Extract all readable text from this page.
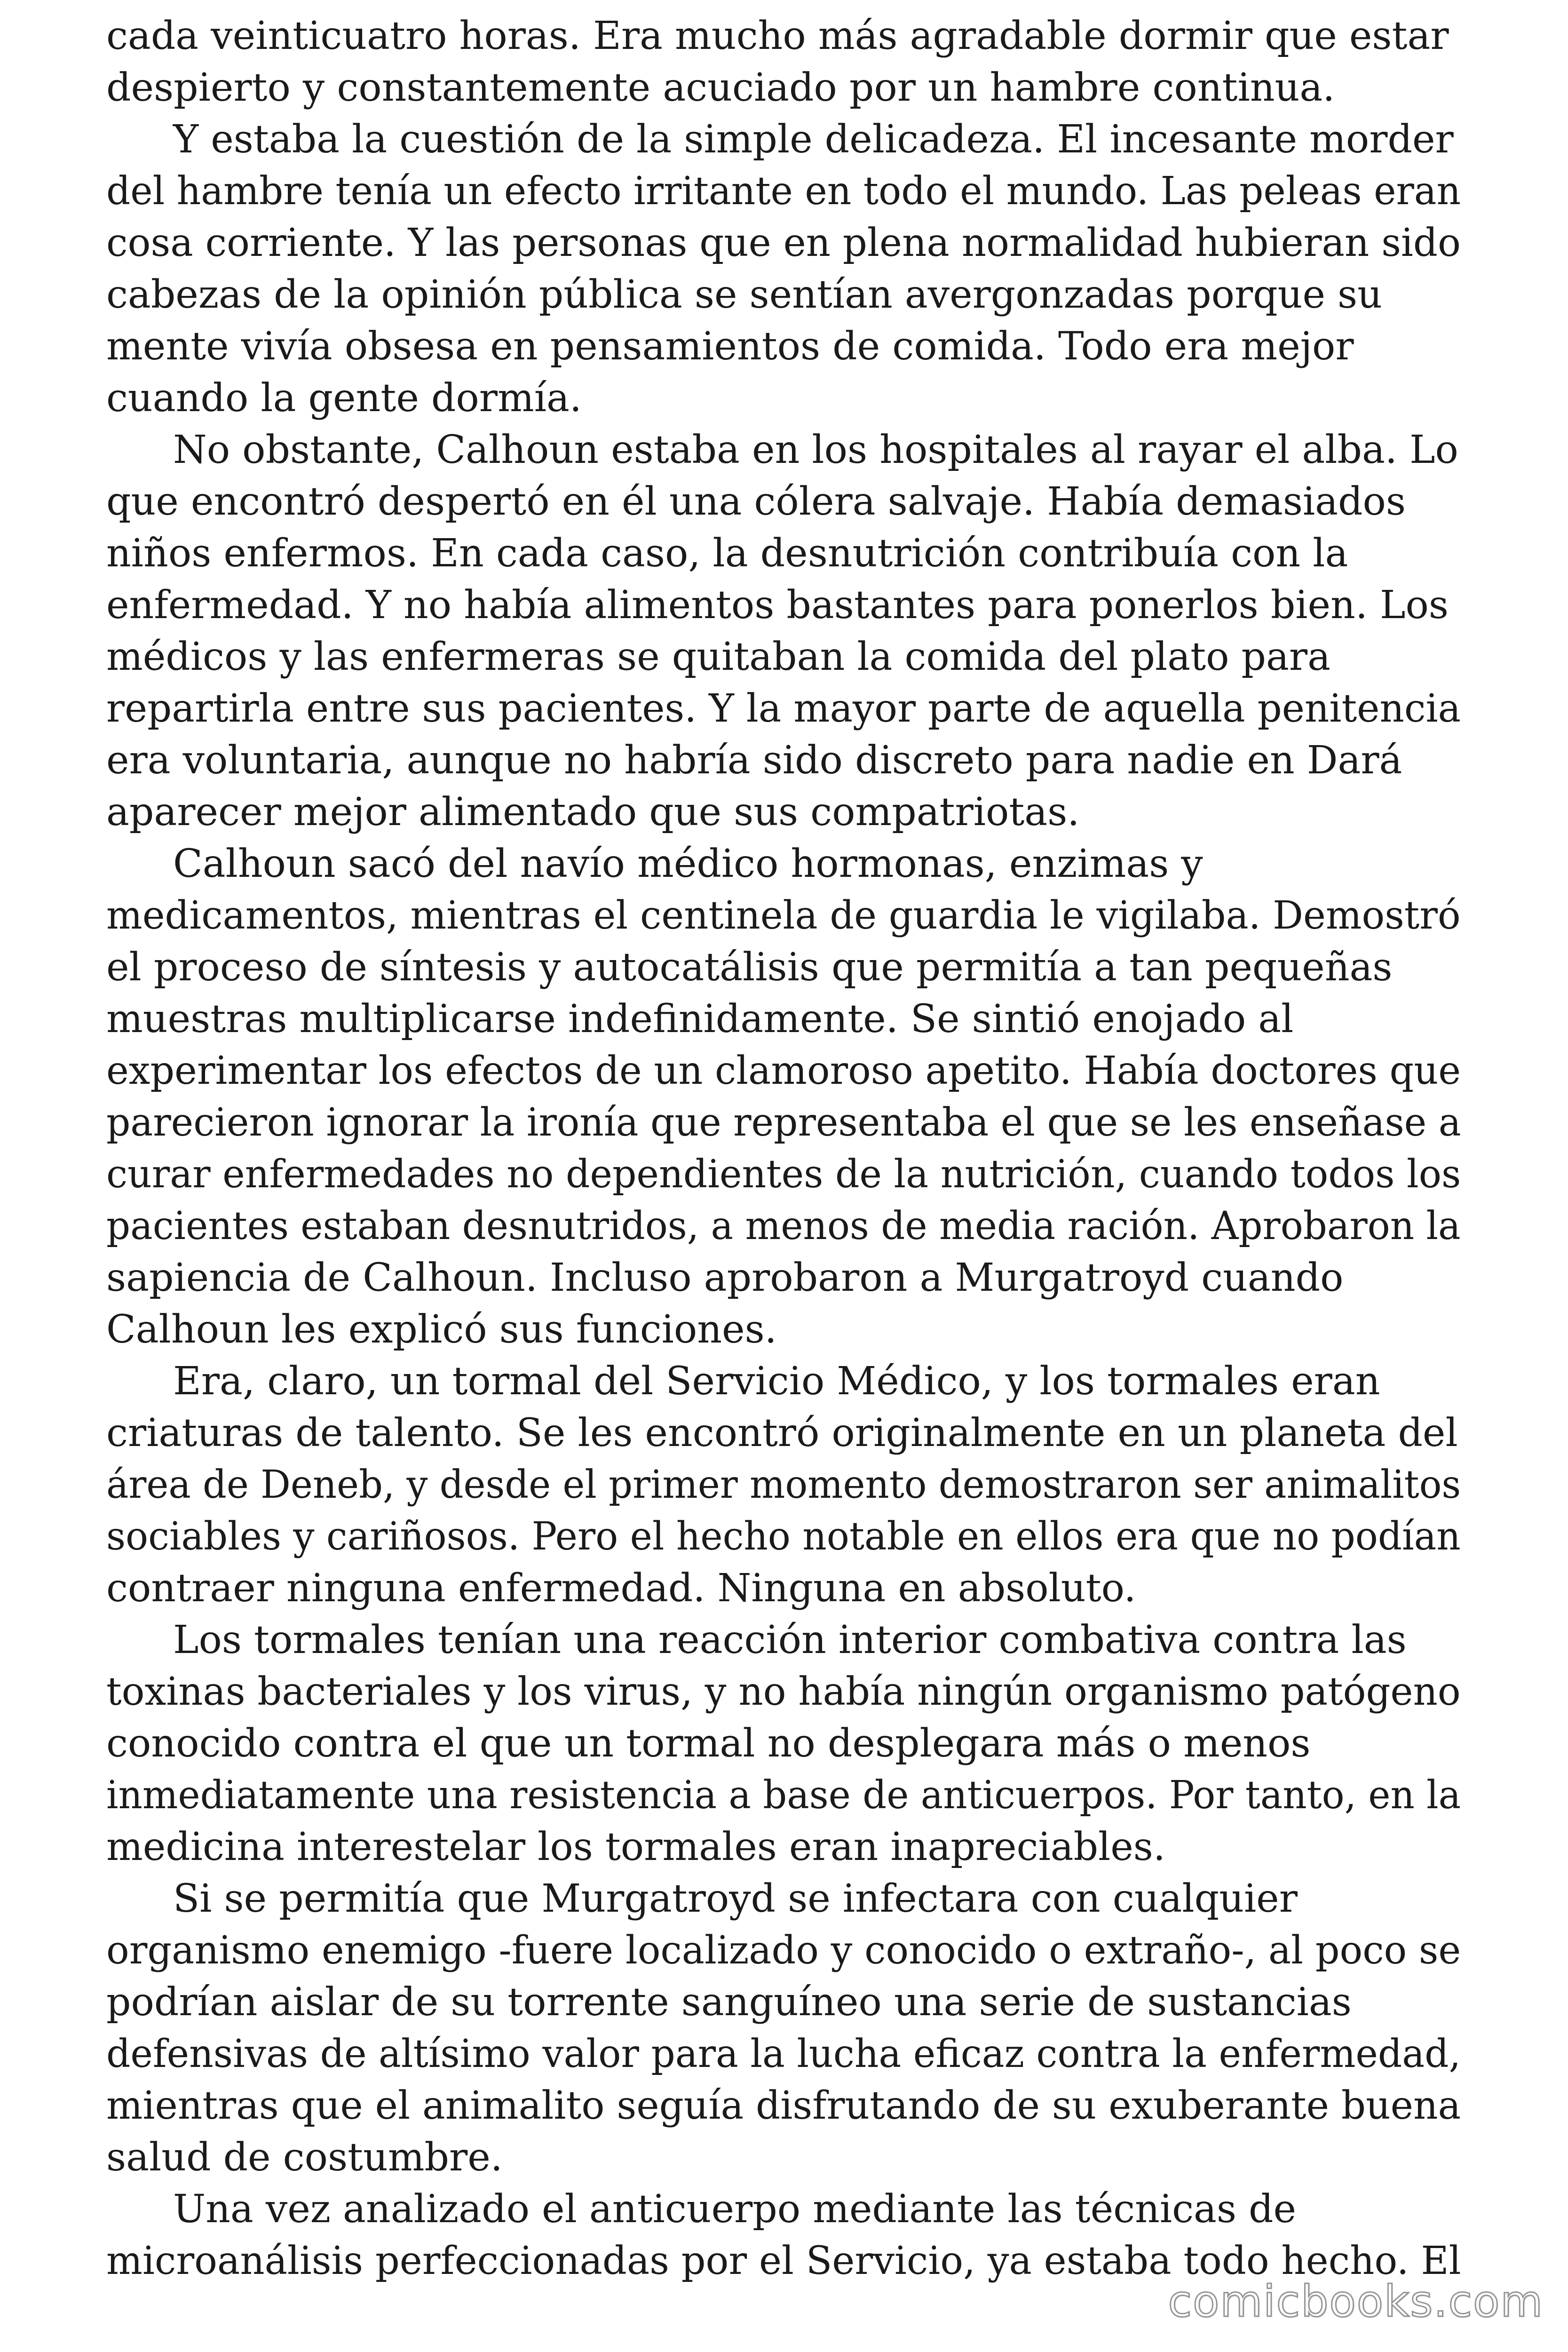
cada veinticuatro horas. Era mucho más agradable dormir que estar
despierto y constantemente acuciado por un hambre continua.
Y estaba la cuestión de la simple delicadeza. El incesante morder
del hambre tenía un efecto irritante en todo el mundo. Las peleas eran
cosa corriente. Y las personas que en plena normalidad hubieran sido
cabezas de la opinión pública se sentían avergonzadas porque su
mente vivía obsesa en pensamientos de comida. Todo era mejor
cuando la gente dormía.
No obstante, Calhoun estaba en los hospitales al rayar el alba. Lo
que encontró despertó en él una cólera salvaje. Había demasiados
niños enfermos. En cada caso, la desnutrición contribuía con la
enfermedad. Y no había alimentos bastantes para ponerlos bien. Los
médicos y las enfermeras se quitaban la comida del plato para
repartirla entre sus pacientes. Y la mayor parte de aquella penitencia
era voluntaria, aunque no habría sido discreto para nadie en Dará
aparecer mejor alimentado que sus compatriotas.
Calhoun sacó del navío médico hormonas, enzimas y
medicamentos, mientras el centinela de guardia le vigilaba. Demostró
el proceso de síntesis y autocatálisis que permitía a tan pequeñas
muestras multiplicarse indefinidamente. Se sintió enojado al
experimentar los efectos de un clamoroso apetito. Había doctores que
parecieron ignorar la ironía que representaba el que se les enseñase a
curar enfermedades no dependientes de la nutrición, cuando todos los
pacientes estaban desnutridos, a menos de media ración. Aprobaron la
sapiencia de Calhoun. Incluso aprobaron a Murgatroyd cuando
Calhoun les explicó sus funciones.
Era, claro, un tormal del Servicio Médico, y los tormales eran
criaturas de talento. Se les encontró originalmente en un planeta del
área de Deneb, y desde el primer momento demostraron ser animalitos
sociables y cariñosos. Pero el hecho notable en ellos era que no podían
contraer ninguna enfermedad. Ninguna en absoluto.
Los tormales tenían una reacción interior combativa contra las
toxinas bacteriales y los virus, y no había ningún organismo patógeno
conocido contra el que un tormal no desplegara más o menos
inmediatamente una resistencia a base de anticuerpos. Por tanto, en la
medicina interestelar los tormales eran inapreciables.
Si se permitía que Murgatroyd se infectara con cualquier
organismo enemigo -fuere localizado y conocido o extraño-, al poco se
podrían aislar de su torrente sanguíneo una serie de sustancias
defensivas de altísimo valor para la lucha eficaz contra la enfermedad,
mientras que el animalito seguía disfrutando de su exuberante buena
salud de costumbre.
Una vez analizado el anticuerpo mediante las técnicas de
microanálisis perfeccionadas por el Servicio, ya estaba todo hecho. El
comicbooks.com
